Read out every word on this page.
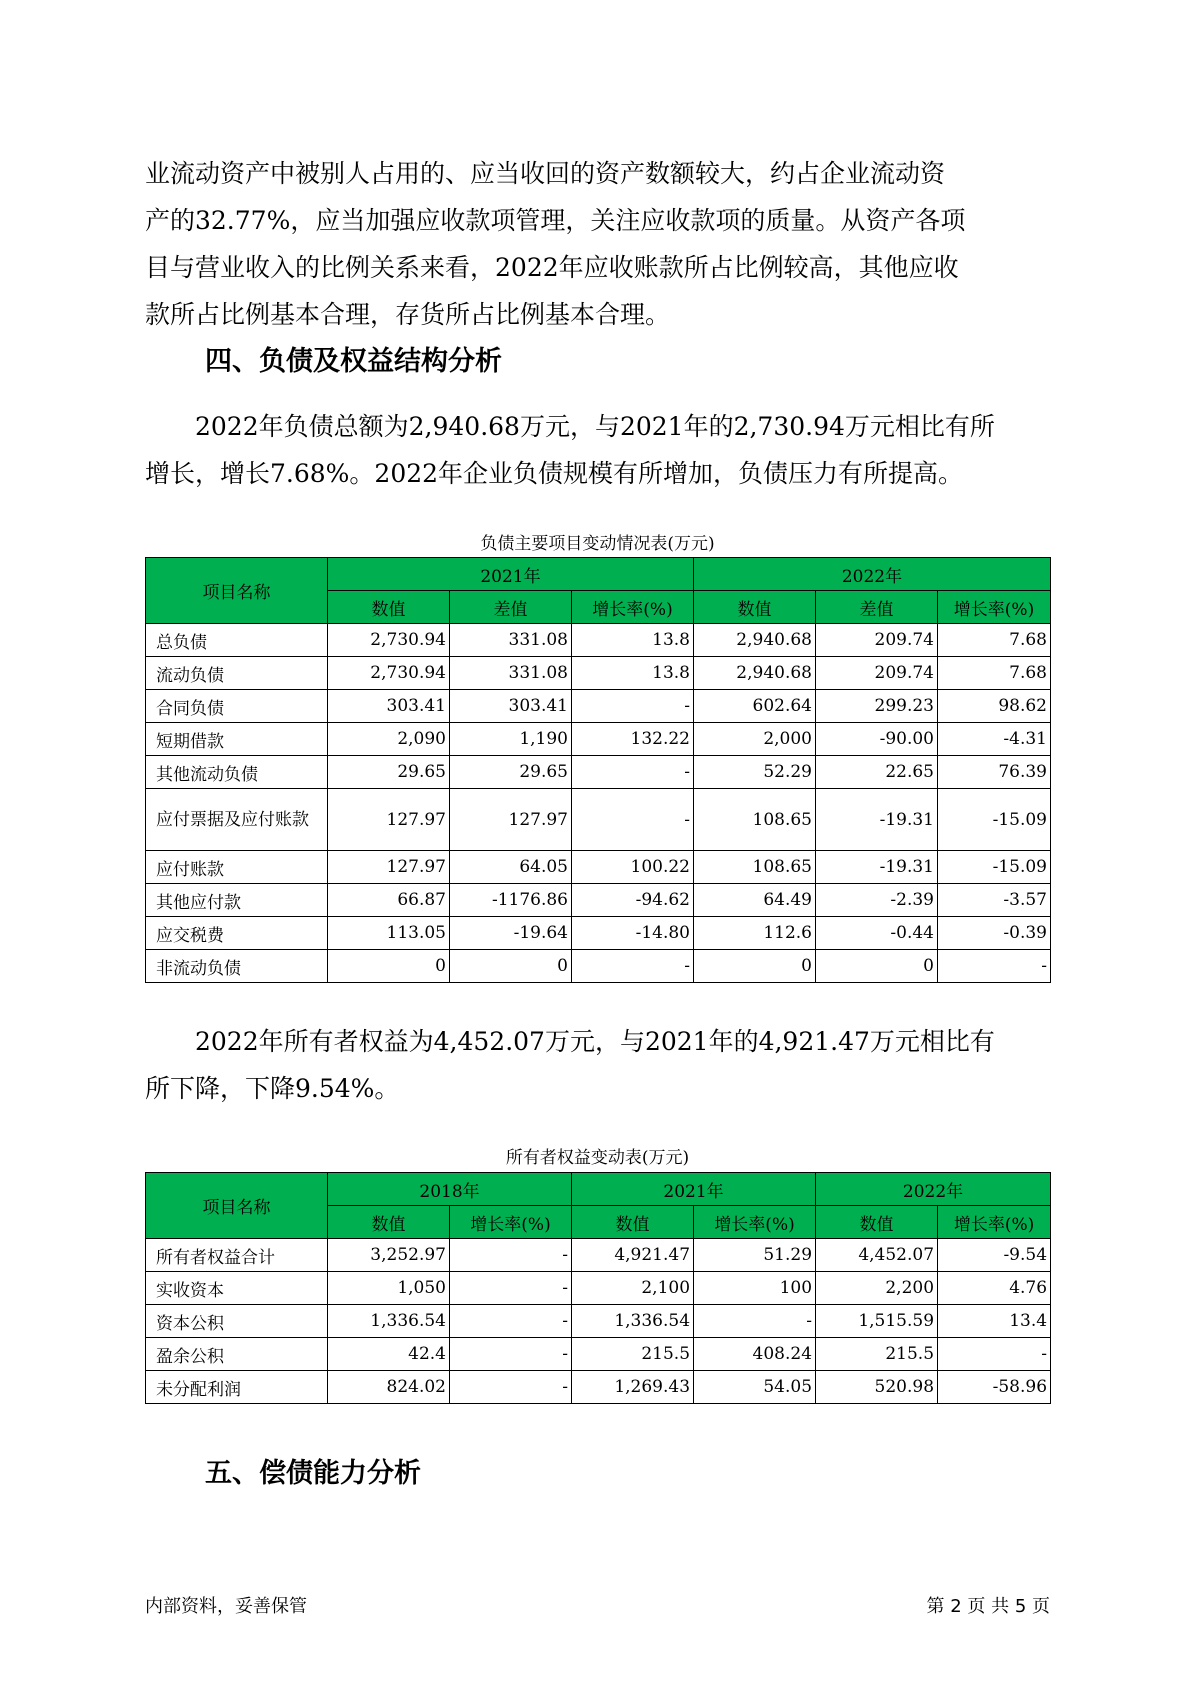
业流动资产中被别人占用的、应当收回的资产数额较大，约占企业流动资
产的32.77%，应当加强应收款项管理，关注应收款项的质量。从资产各项
目与营业收入的比例关系来看，2022年应收账款所占比例较高，其他应收
款所占比例基本合理，存货所占比例基本合理。
四、负债及权益结构分析
2022年负债总额为2,940.68万元，与2021年的2,730.94万元相比有所
增长，增长7.68%。2022年企业负债规模有所增加，负债压力有所提高。
负债主要项目变动情况表(万元)
项目名称	2021年			2022年		
	数值	差值	增长率(%)	数值	差值	增长率(%)
总负债	2,730.94	331.08	13.8	2,940.68	209.74	7.68
流动负债	2,730.94	331.08	13.8	2,940.68	209.74	7.68
合同负债	303.41	303.41	-	602.64	299.23	98.62
短期借款	2,090	1,190	132.22	2,000	-90.00	-4.31
其他流动负债	29.65	29.65	-	52.29	22.65	76.39
应付票据及应付账款	127.97	127.97	-	108.65	-19.31	-15.09
应付账款	127.97	64.05	100.22	108.65	-19.31	-15.09
其他应付款	66.87	-1176.86	-94.62	64.49	-2.39	-3.57
应交税费	113.05	-19.64	-14.80	112.6	-0.44	-0.39
非流动负债	0	0	-	0	0	-
2022年所有者权益为4,452.07万元，与2021年的4,921.47万元相比有
所下降，下降9.54%。
所有者权益变动表(万元)
项目名称	2018年		2021年		2022年	
	数值	增长率(%)	数值	增长率(%)	数值	增长率(%)
所有者权益合计	3,252.97	-	4,921.47	51.29	4,452.07	-9.54
实收资本	1,050	-	2,100	100	2,200	4.76
资本公积	1,336.54	-	1,336.54	-	1,515.59	13.4
盈余公积	42.4	-	215.5	408.24	215.5	-
未分配利润	824.02	-	1,269.43	54.05	520.98	-58.96
五、偿债能力分析
内部资料，妥善保管	第 2 页 共 5 页
